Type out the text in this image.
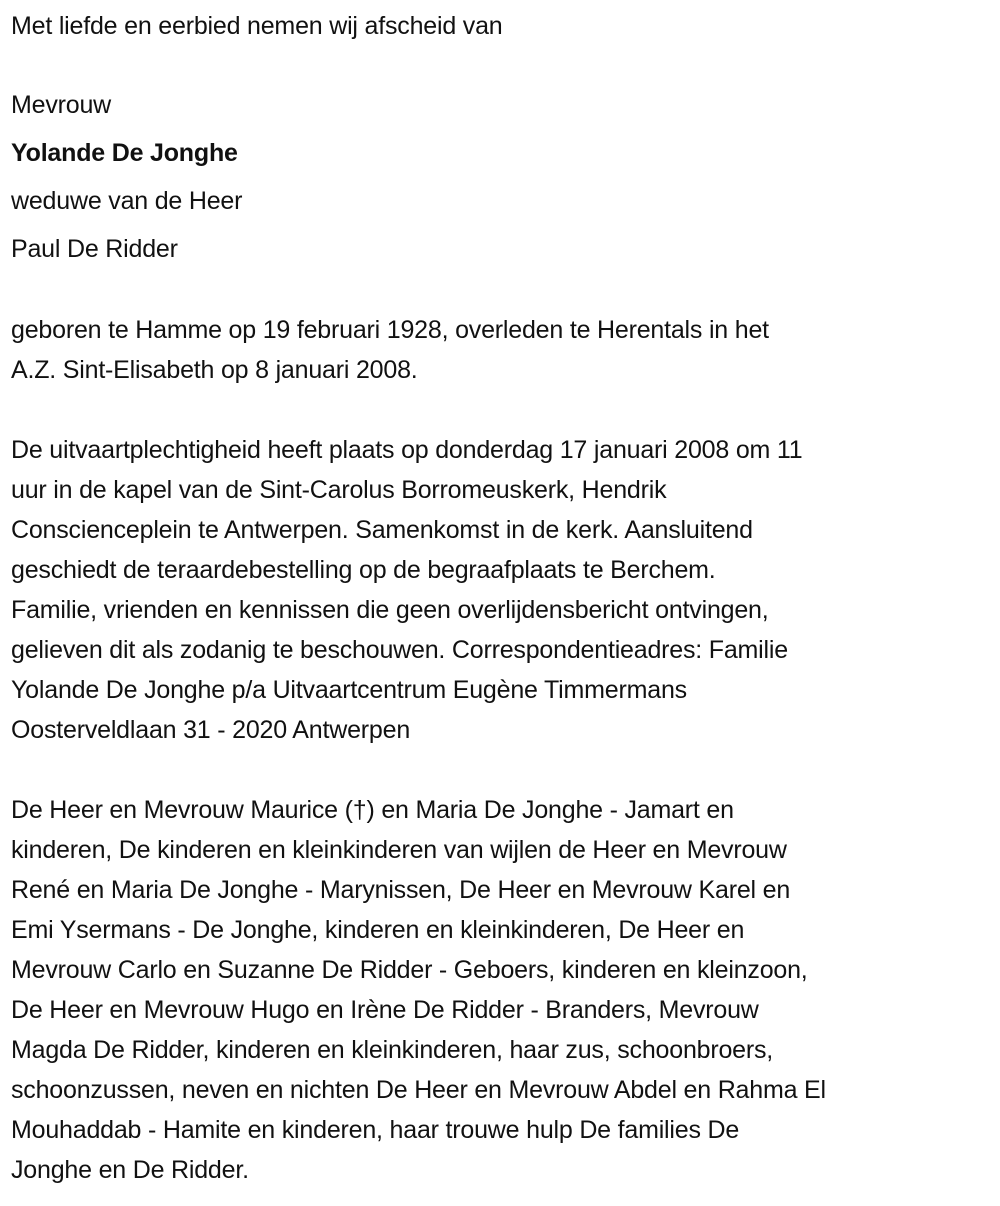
Met liefde en eerbied nemen wij afscheid van
Mevrouw
Yolande De Jonghe
weduwe van de Heer
Paul De Ridder
geboren te Hamme op 19 februari 1928, overleden te Herentals in het
A.Z. Sint-Elisabeth op 8 januari 2008.
De uitvaartplechtigheid heeft plaats op donderdag 17 januari 2008 om 11
uur in de kapel van de Sint-Carolus Borromeuskerk, Hendrik
Conscienceplein te Antwerpen. Samenkomst in de kerk. Aansluitend
geschiedt de teraardebestelling op de begraafplaats te Berchem.
Familie, vrienden en kennissen die geen overlijdensbericht ontvingen,
gelieven dit als zodanig te beschouwen. Correspondentieadres: Familie
Yolande De Jonghe p/a Uitvaartcentrum Eugène Timmermans
Oosterveldlaan 31 - 2020 Antwerpen
De Heer en Mevrouw Maurice (†) en Maria De Jonghe - Jamart en
kinderen, De kinderen en kleinkinderen van wijlen de Heer en Mevrouw
René en Maria De Jonghe - Marynissen, De Heer en Mevrouw Karel en
Emi Ysermans - De Jonghe, kinderen en kleinkinderen, De Heer en
Mevrouw Carlo en Suzanne De Ridder - Geboers, kinderen en kleinzoon,
De Heer en Mevrouw Hugo en Irène De Ridder - Branders, Mevrouw
Magda De Ridder, kinderen en kleinkinderen, haar zus, schoonbroers,
schoonzussen, neven en nichten De Heer en Mevrouw Abdel en Rahma El
Mouhaddab - Hamite en kinderen, haar trouwe hulp De families De
Jonghe en De Ridder.
